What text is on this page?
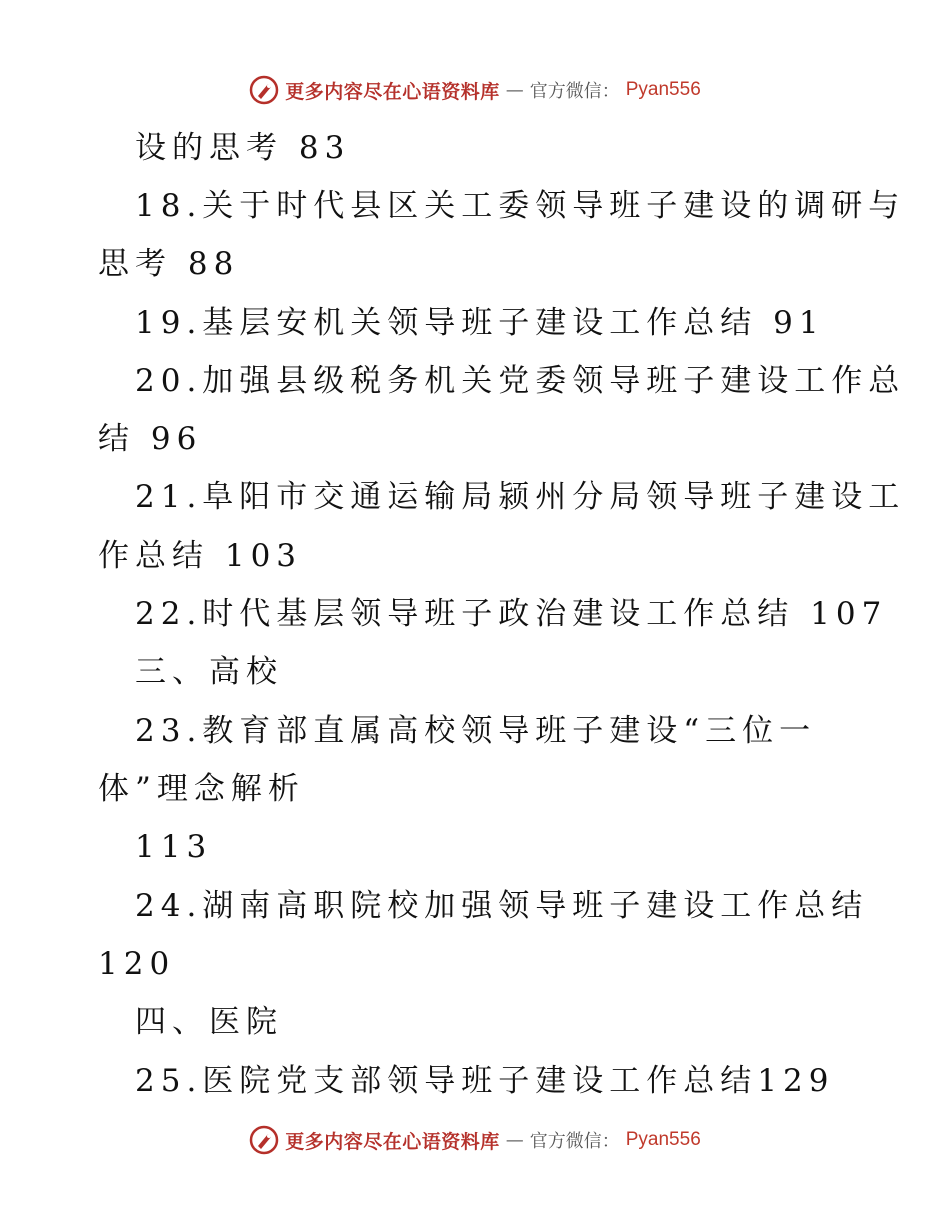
更多内容尽在心语资料库 — 官方微信： Pyan556
设的思考 83
18.关于时代县区关工委领导班子建设的调研与
思考 88
19.基层安机关领导班子建设工作总结 91
20.加强县级税务机关党委领导班子建设工作总
结 96
21.阜阳市交通运输局颍州分局领导班子建设工
作总结 103
22.时代基层领导班子政治建设工作总结 107
三、高校
23.教育部直属高校领导班子建设“三位一
体”理念解析
113
24.湖南高职院校加强领导班子建设工作总结
120
四、医院
25.医院党支部领导班子建设工作总结129
更多内容尽在心语资料库 — 官方微信： Pyan556
